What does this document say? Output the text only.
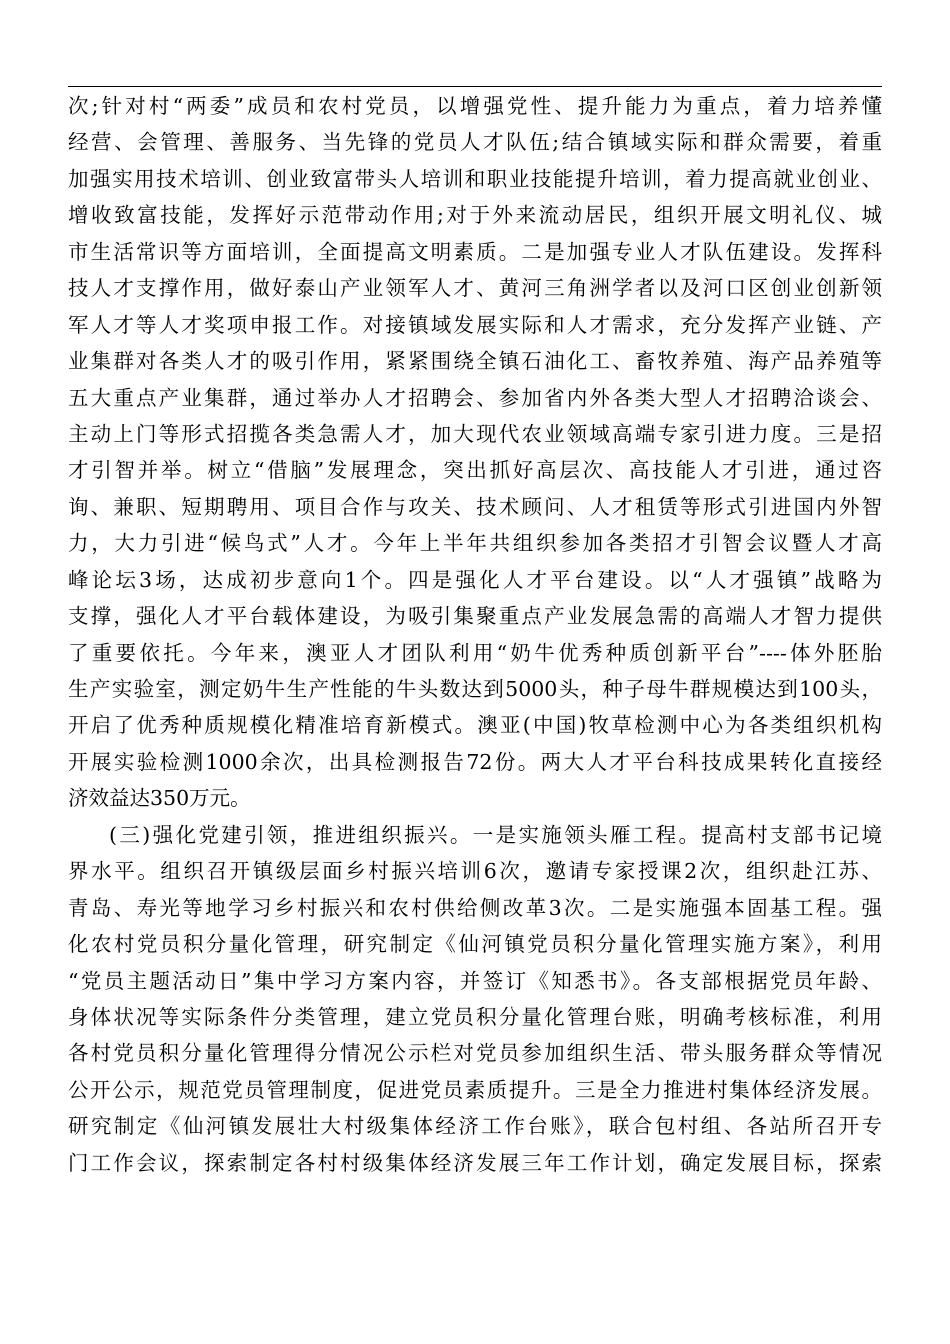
次;针对村“两委”成员和农村党员，以增强党性、提升能力为重点，着力培养懂
经营、会管理、善服务、当先锋的党员人才队伍;结合镇域实际和群众需要，着重
加强实用技术培训、创业致富带头人培训和职业技能提升培训，着力提高就业创业、
增收致富技能，发挥好示范带动作用;对于外来流动居民，组织开展文明礼仪、城
市生活常识等方面培训，全面提高文明素质。二是加强专业人才队伍建设。发挥科
技人才支撑作用，做好泰山产业领军人才、黄河三角洲学者以及河口区创业创新领
军人才等人才奖项申报工作。对接镇域发展实际和人才需求，充分发挥产业链、产
业集群对各类人才的吸引作用，紧紧围绕全镇石油化工、畜牧养殖、海产品养殖等
五大重点产业集群，通过举办人才招聘会、参加省内外各类大型人才招聘洽谈会、
主动上门等形式招揽各类急需人才，加大现代农业领域高端专家引进力度。三是招
才引智并举。树立“借脑”发展理念，突出抓好高层次、高技能人才引进，通过咨
询、兼职、短期聘用、项目合作与攻关、技术顾问、人才租赁等形式引进国内外智
力，大力引进“候鸟式”人才。今年上半年共组织参加各类招才引智会议暨人才高
峰论坛3场，达成初步意向1个。四是强化人才平台建设。以“人才强镇”战略为
支撑，强化人才平台载体建设，为吸引集聚重点产业发展急需的高端人才智力提供
了重要依托。今年来，澳亚人才团队利用“奶牛优秀种质创新平台”----体外胚胎
生产实验室，测定奶牛生产性能的牛头数达到5000头，种子母牛群规模达到100头，
开启了优秀种质规模化精准培育新模式。澳亚(中国)牧草检测中心为各类组织机构
开展实验检测1000余次，出具检测报告72份。两大人才平台科技成果转化直接经
济效益达350万元。
(三)强化党建引领，推进组织振兴。一是实施领头雁工程。提高村支部书记境
界水平。组织召开镇级层面乡村振兴培训6次，邀请专家授课2次，组织赴江苏、
青岛、寿光等地学习乡村振兴和农村供给侧改革3次。二是实施强本固基工程。强
化农村党员积分量化管理，研究制定《仙河镇党员积分量化管理实施方案》，利用
“党员主题活动日”集中学习方案内容，并签订《知悉书》。各支部根据党员年龄、
身体状况等实际条件分类管理，建立党员积分量化管理台账，明确考核标准，利用
各村党员积分量化管理得分情况公示栏对党员参加组织生活、带头服务群众等情况
公开公示，规范党员管理制度，促进党员素质提升。三是全力推进村集体经济发展。
研究制定《仙河镇发展壮大村级集体经济工作台账》，联合包村组、各站所召开专
门工作会议，探索制定各村村级集体经济发展三年工作计划，确定发展目标，探索
